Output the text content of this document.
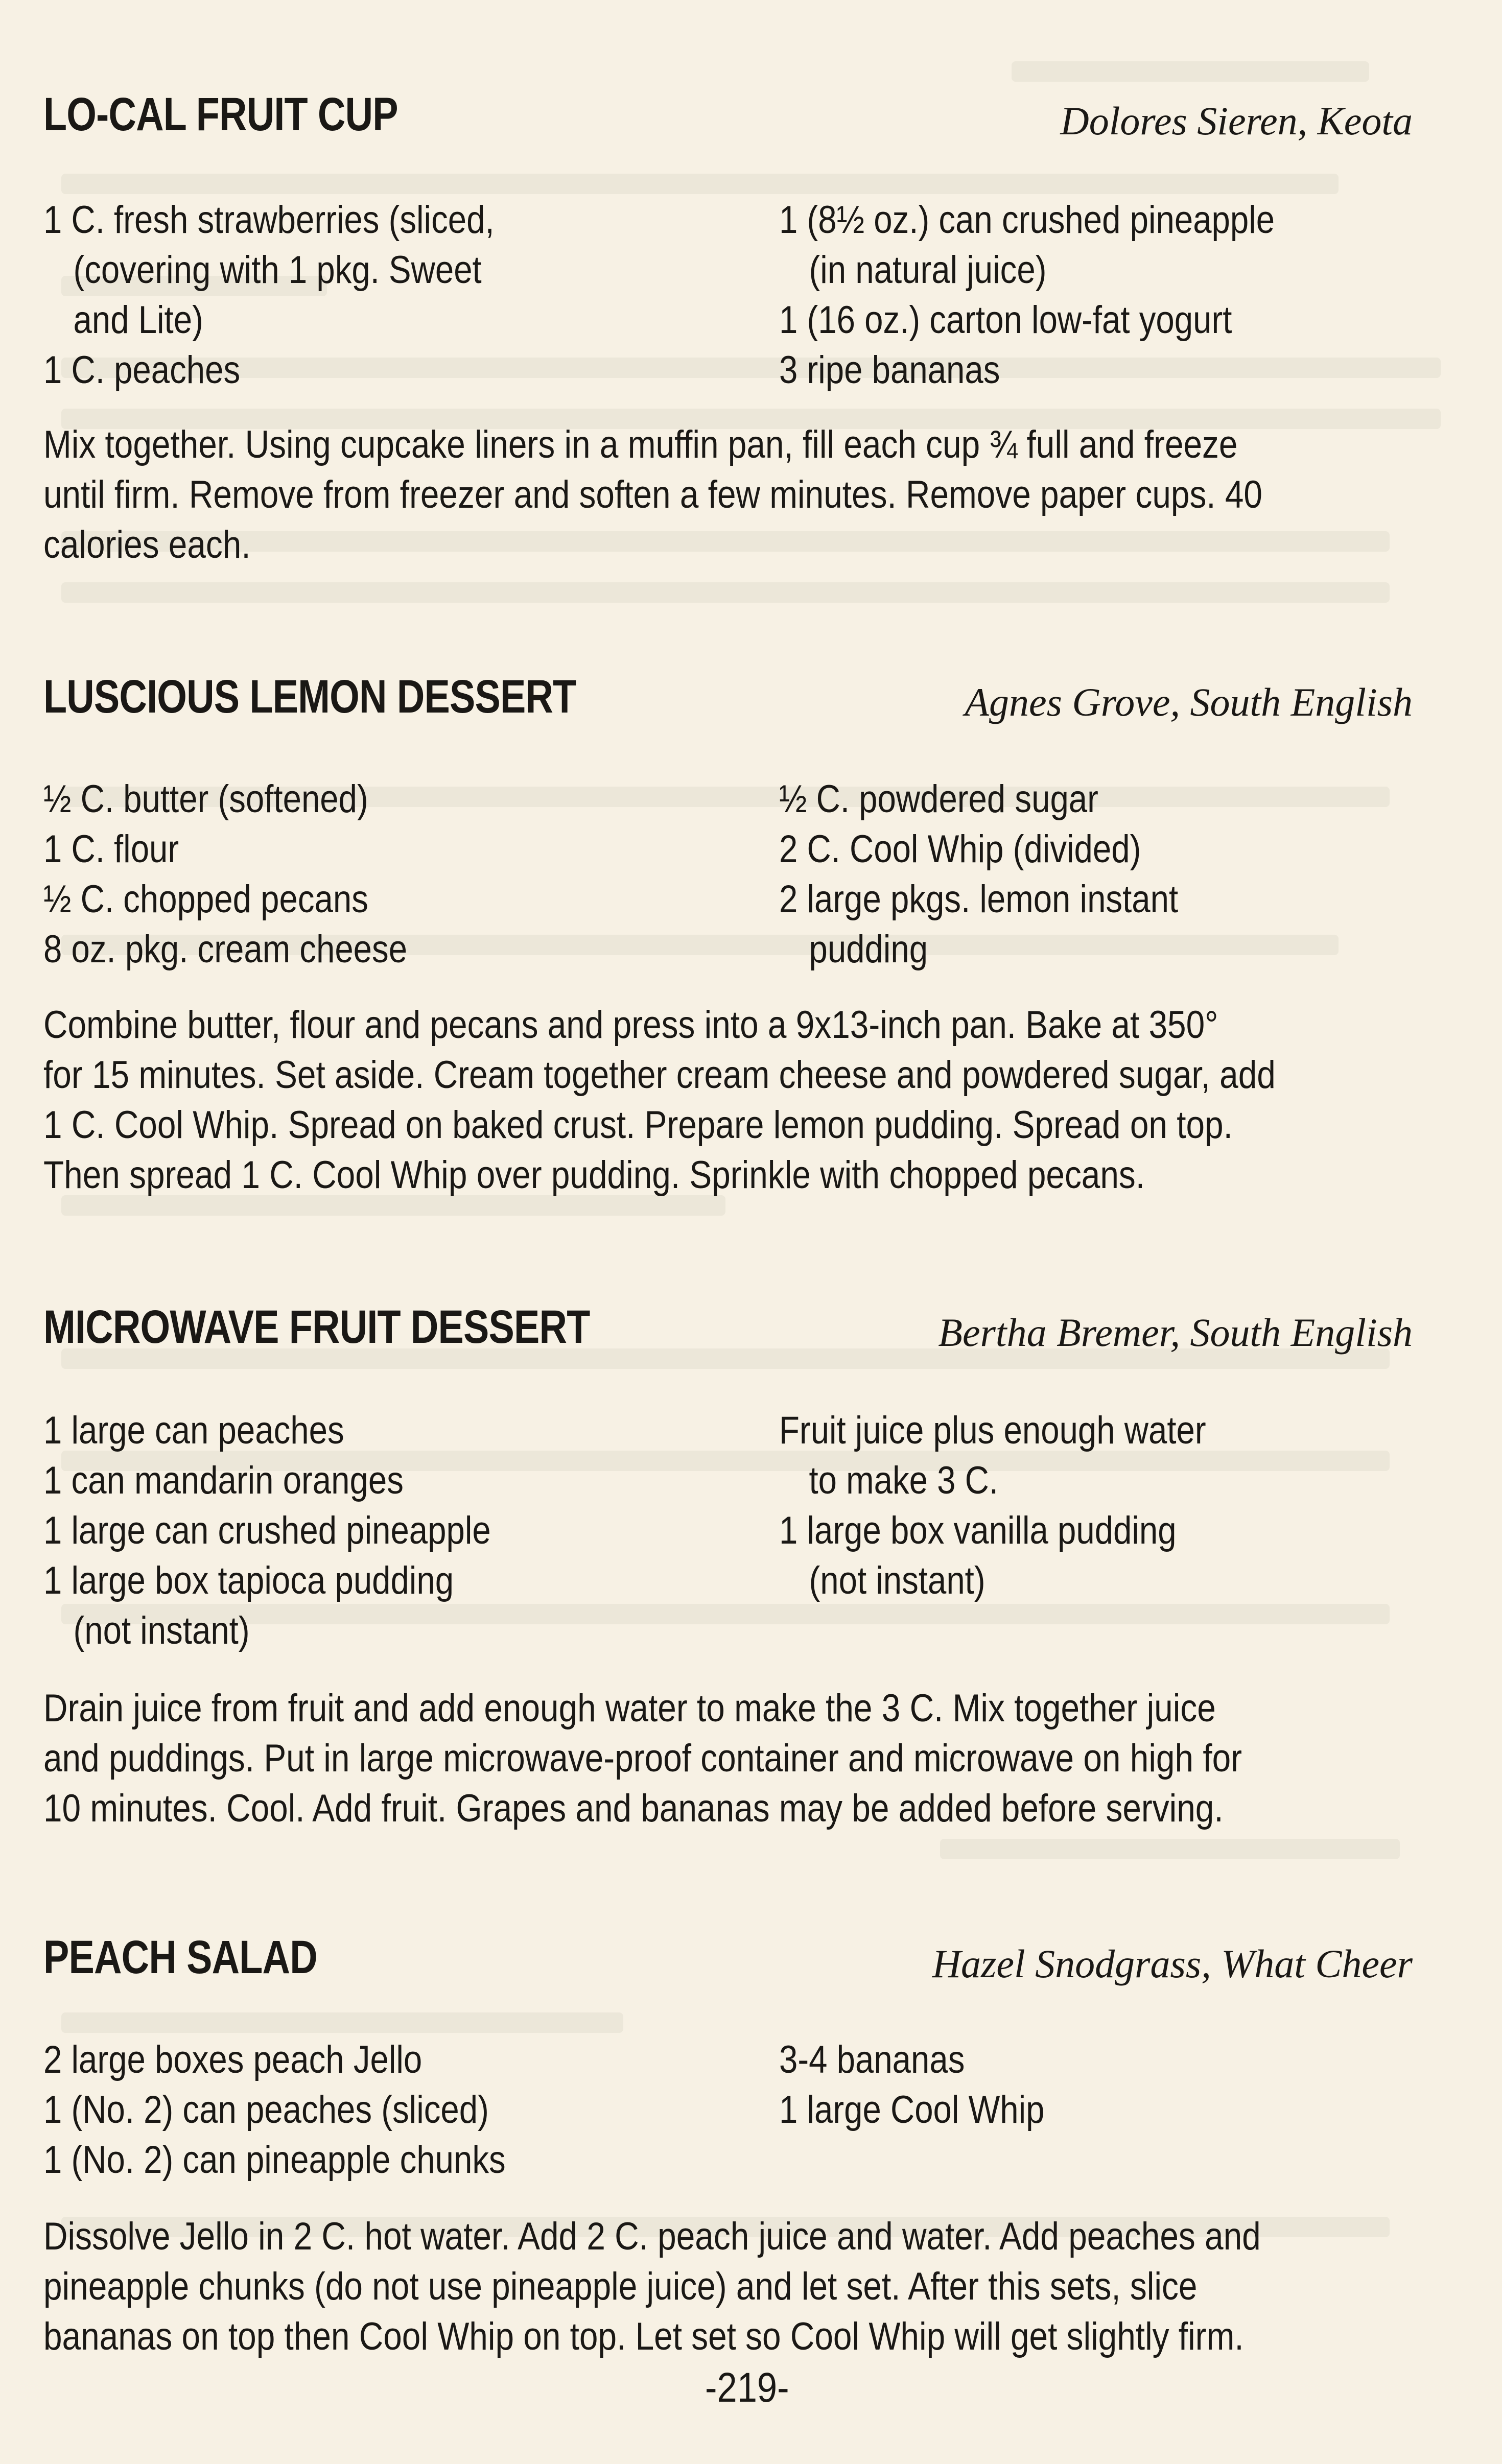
LO-CAL FRUIT CUP	Dolores Sieren, Keota
1 C. fresh strawberries (sliced,
(covering with 1 pkg. Sweet
and Lite)
1 C. peaches
1 (8½ oz.) can crushed pineapple
(in natural juice)
1 (16 oz.) carton low-fat yogurt
3 ripe bananas
Mix together. Using cupcake liners in a muffin pan, fill each cup ¾ full and freeze
until firm. Remove from freezer and soften a few minutes. Remove paper cups. 40
calories each.
LUSCIOUS LEMON DESSERT	Agnes Grove, South English
½ C. butter (softened)
1 C. flour
½ C. chopped pecans
8 oz. pkg. cream cheese
½ C. powdered sugar
2 C. Cool Whip (divided)
2 large pkgs. lemon instant
pudding
Combine butter, flour and pecans and press into a 9x13-inch pan. Bake at 350°
for 15 minutes. Set aside. Cream together cream cheese and powdered sugar, add
1 C. Cool Whip. Spread on baked crust. Prepare lemon pudding. Spread on top.
Then spread 1 C. Cool Whip over pudding. Sprinkle with chopped pecans.
MICROWAVE FRUIT DESSERT	Bertha Bremer, South English
1 large can peaches
1 can mandarin oranges
1 large can crushed pineapple
1 large box tapioca pudding
(not instant)
Fruit juice plus enough water
to make 3 C.
1 large box vanilla pudding
(not instant)
Drain juice from fruit and add enough water to make the 3 C. Mix together juice
and puddings. Put in large microwave-proof container and microwave on high for
10 minutes. Cool. Add fruit. Grapes and bananas may be added before serving.
PEACH SALAD	Hazel Snodgrass, What Cheer
2 large boxes peach Jello
1 (No. 2) can peaches (sliced)
1 (No. 2) can pineapple chunks
3-4 bananas
1 large Cool Whip
Dissolve Jello in 2 C. hot water. Add 2 C. peach juice and water. Add peaches and
pineapple chunks (do not use pineapple juice) and let set. After this sets, slice
bananas on top then Cool Whip on top. Let set so Cool Whip will get slightly firm.
-219-
